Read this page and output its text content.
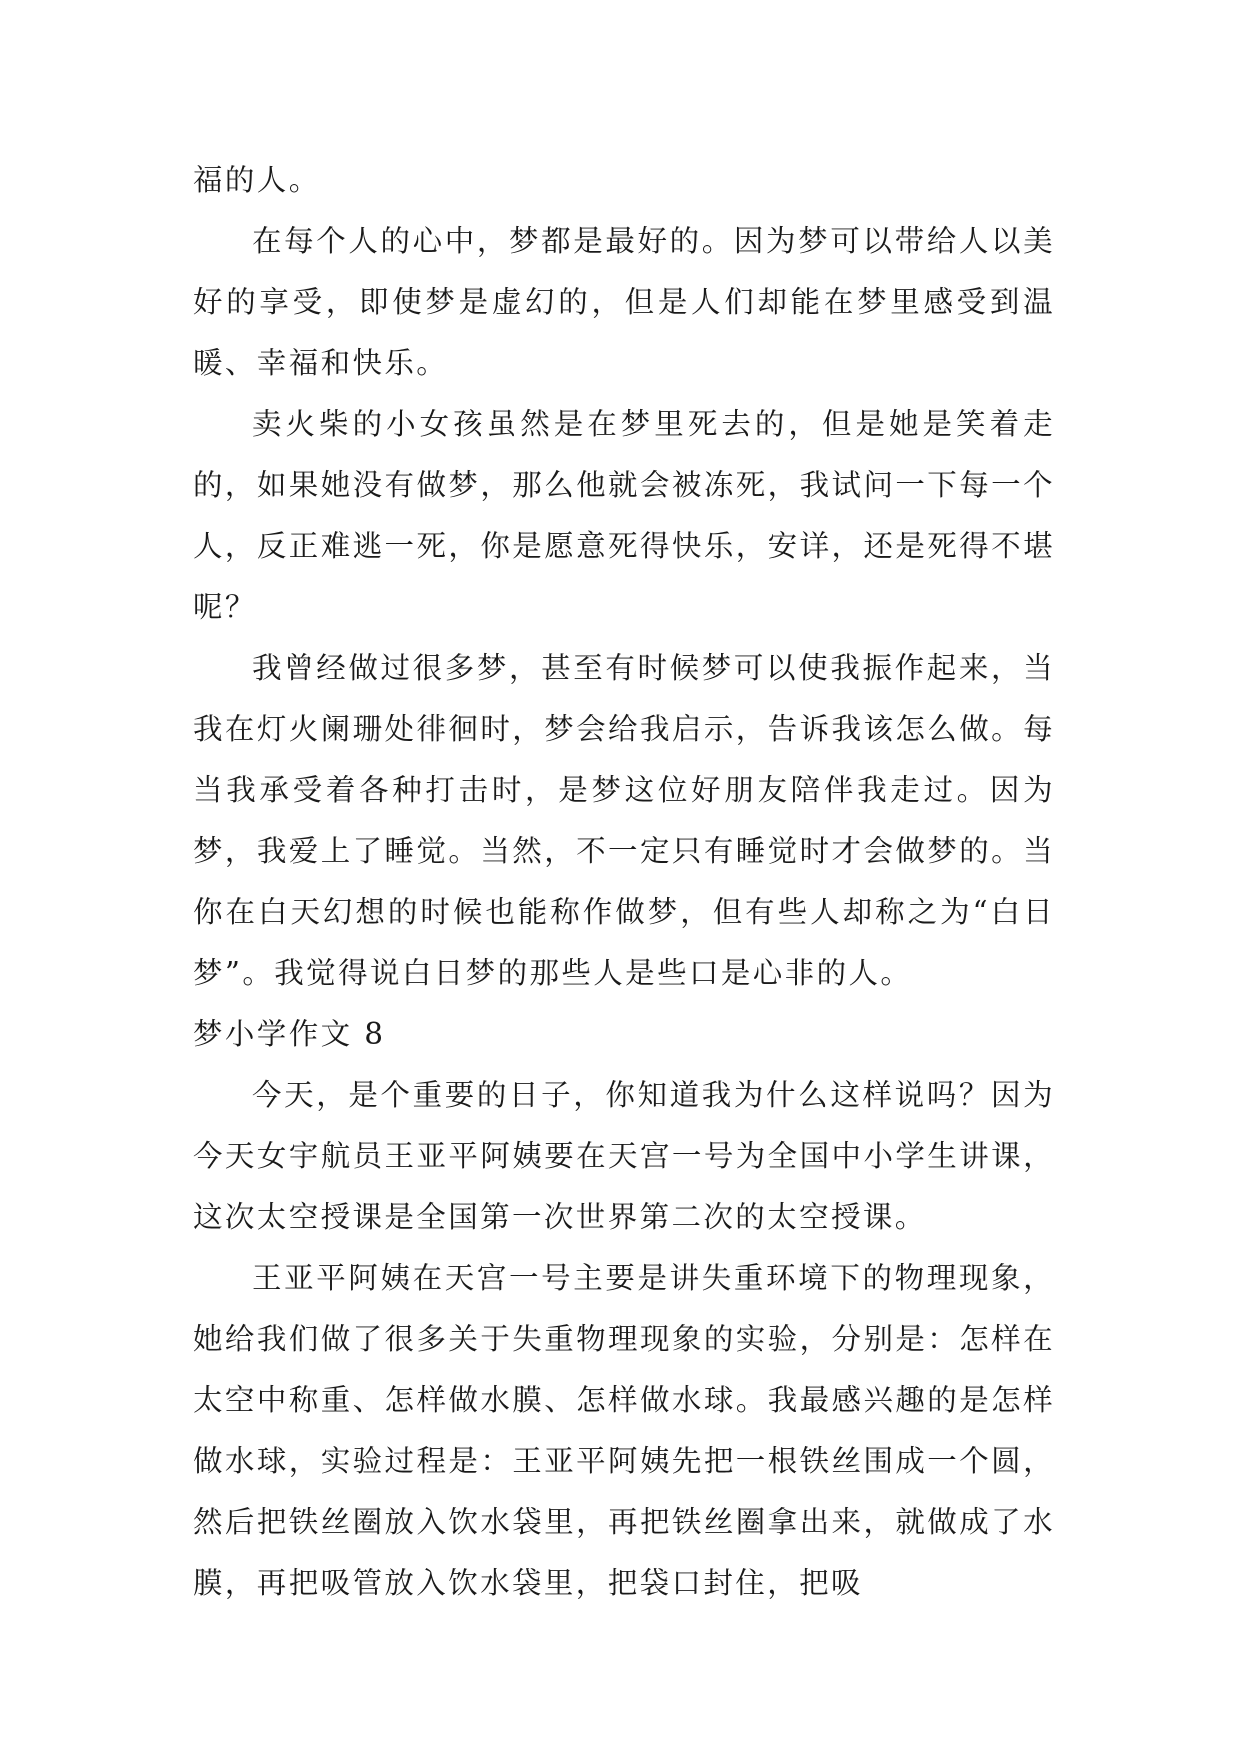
福的人。

在每个人的心中，梦都是最好的。因为梦可以带给人以美好的享受，即使梦是虚幻的，但是人们却能在梦里感受到温暖、幸福和快乐。

卖火柴的小女孩虽然是在梦里死去的，但是她是笑着走的，如果她没有做梦，那么他就会被冻死，我试问一下每一个人，反正难逃一死，你是愿意死得快乐，安详，还是死得不堪呢？

我曾经做过很多梦，甚至有时候梦可以使我振作起来，当我在灯火阑珊处徘徊时，梦会给我启示，告诉我该怎么做。每当我承受着各种打击时，是梦这位好朋友陪伴我走过。因为梦，我爱上了睡觉。当然，不一定只有睡觉时才会做梦的。当你在白天幻想的时候也能称作做梦，但有些人却称之为“白日梦”。我觉得说白日梦的那些人是些口是心非的人。

梦小学作文 8

今天，是个重要的日子，你知道我为什么这样说吗？因为今天女宇航员王亚平阿姨要在天宫一号为全国中小学生讲课，这次太空授课是全国第一次世界第二次的太空授课。

王亚平阿姨在天宫一号主要是讲失重环境下的物理现象，她给我们做了很多关于失重物理现象的实验，分别是：怎样在太空中称重、怎样做水膜、怎样做水球。我最感兴趣的是怎样做水球，实验过程是：王亚平阿姨先把一根铁丝围成一个圆，然后把铁丝圈放入饮水袋里，再把铁丝圈拿出来，就做成了水膜，再把吸管放入饮水袋里，把袋口封住，把吸
